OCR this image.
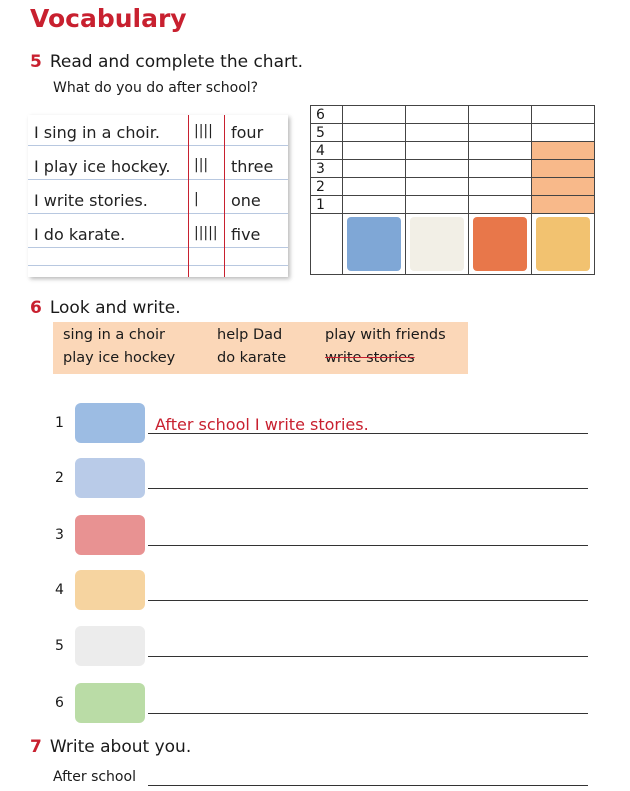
Vocabulary
5 Read and complete the chart.
What do you do after school?
I sing in a choir. |||| four
I play ice hockey. ||| three
I write stories.	| one
I do karate.	||||| five
6				
5				
4				
3				
2				
1				

6 Look and write.
sing in a choir	help Dad	play with friends
play ice hockey	do karate	write stories
1
2
3
4
5
6
After school I write stories.
7 Write about you.
After school
